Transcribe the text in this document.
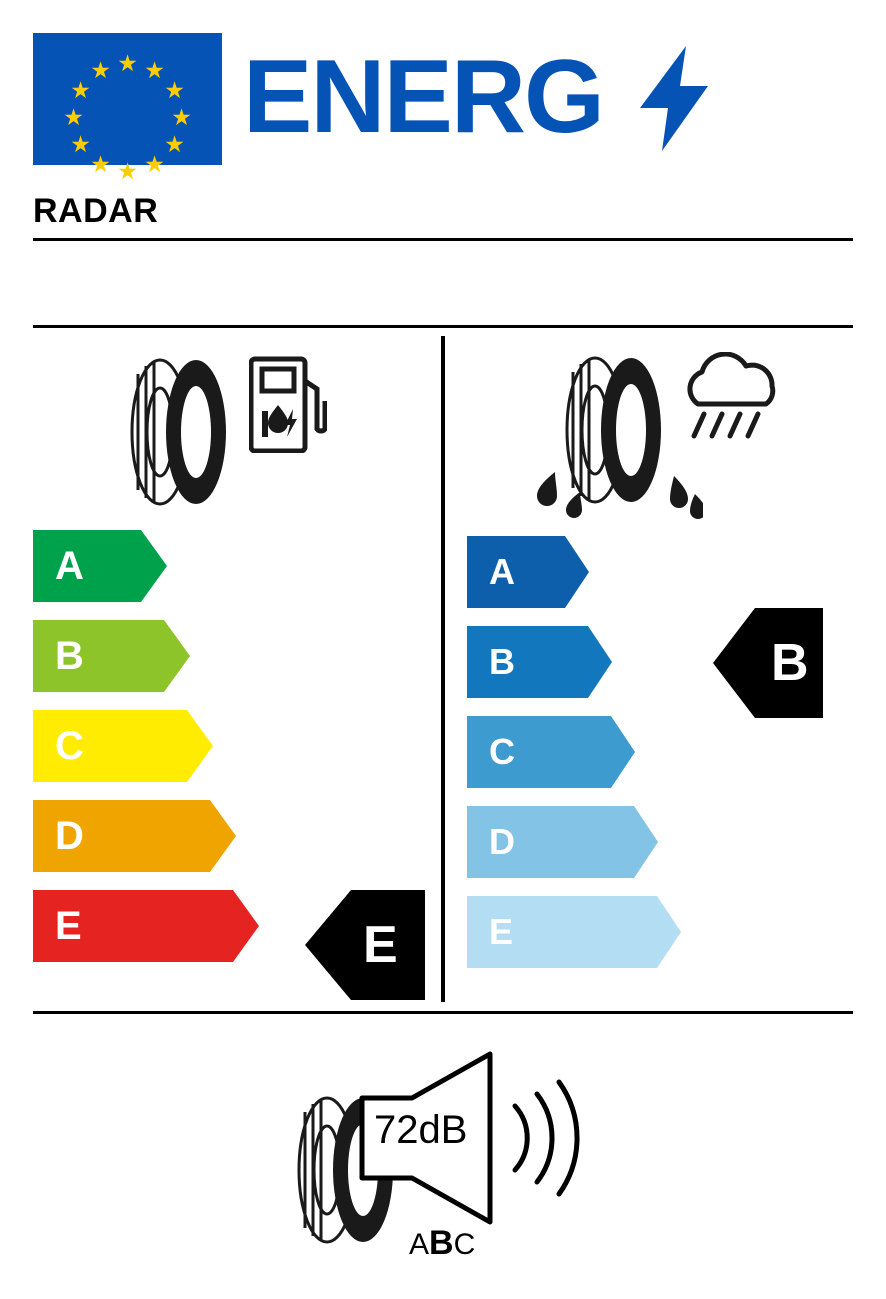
★ ★
★
★
★
★
★
★
★
★
★
★ ENERG
RADAR
A
B
C
D
E	E
A
B
C
D
E
B
72dB
ABC
